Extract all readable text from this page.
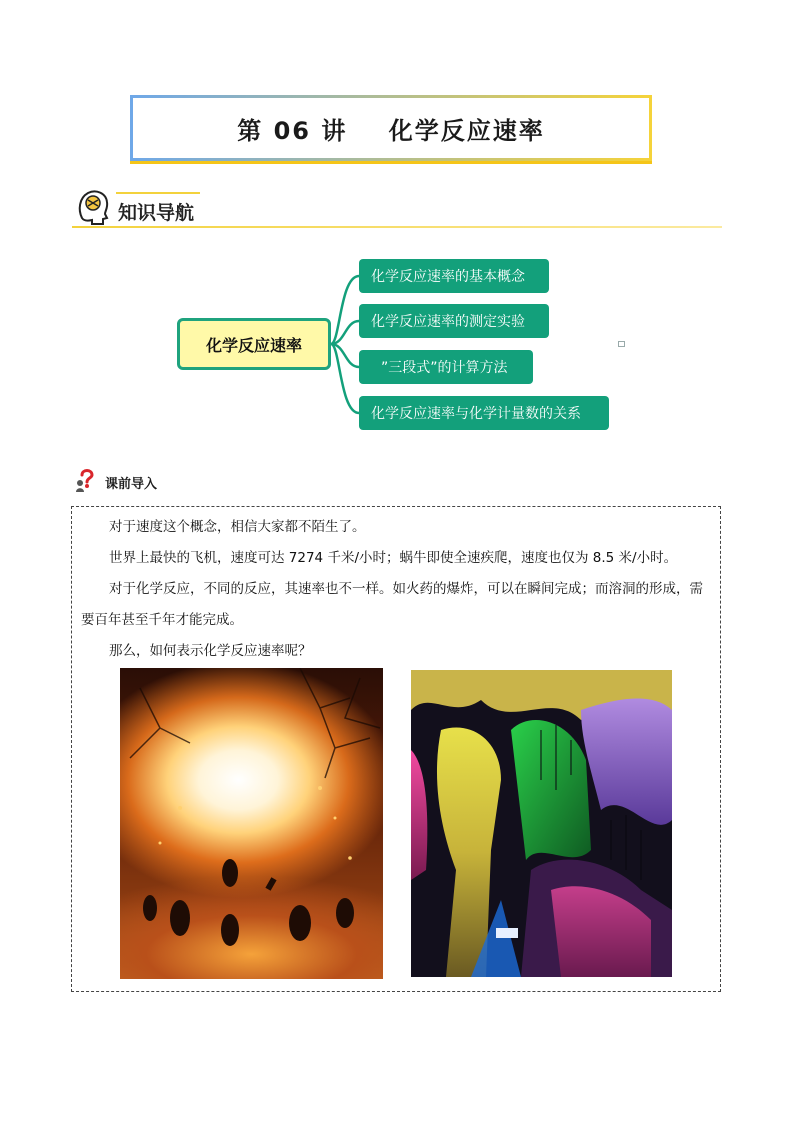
第 06 讲    化学反应速率
知识导航
化学反应速率
化学反应速率的基本概念
化学反应速率的测定实验
”三段式”的计算方法
化学反应速率与化学计量数的关系
课前导入
对于速度这个概念，相信大家都不陌生了。
世界上最快的飞机，速度可达 7274 千米/小时；蜗牛即使全速疾爬，速度也仅为 8.5 米/小时。
对于化学反应，不同的反应，其速率也不一样。如火药的爆炸，可以在瞬间完成；而溶洞的形成，需要百年甚至千年才能完成。
那么，如何表示化学反应速率呢？
